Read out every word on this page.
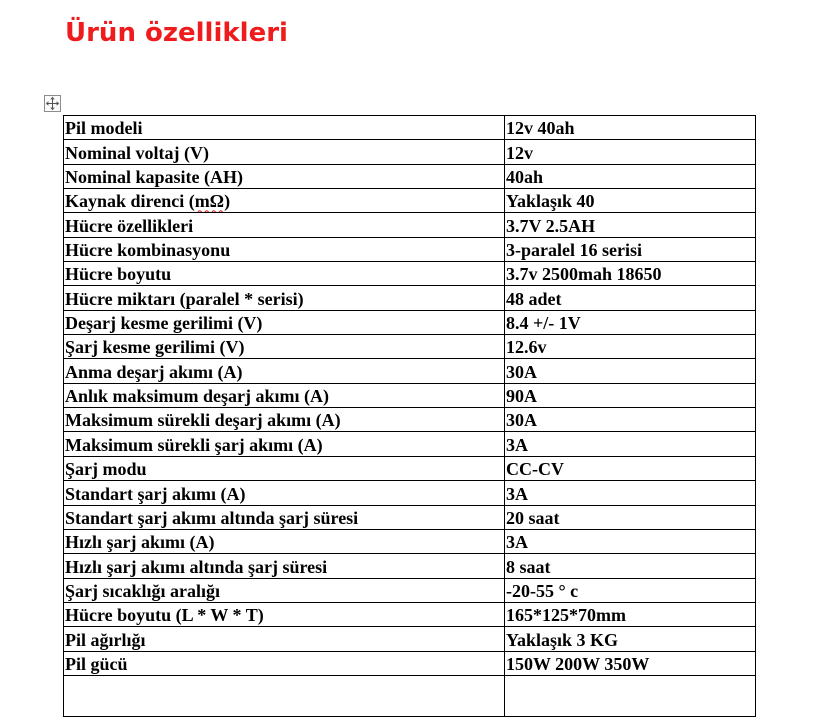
Ürün özellikleri
Pil modeli	12v 40ah
Nominal voltaj (V)	12v
Nominal kapasite (AH)	40ah
Kaynak direnci (mΩ)	Yaklaşık 40
Hücre özellikleri	3.7V 2.5AH
Hücre kombinasyonu	3-paralel 16 serisi
Hücre boyutu	3.7v 2500mah 18650
Hücre miktarı (paralel * serisi)	48 adet
Deşarj kesme gerilimi (V)	8.4 +/- 1V
Şarj kesme gerilimi (V)	12.6v
Anma deşarj akımı (A)	30A
Anlık maksimum deşarj akımı (A)	90A
Maksimum sürekli deşarj akımı (A)	30A
Maksimum sürekli şarj akımı (A)	3A
Şarj modu	CC-CV
Standart şarj akımı (A)	3A
Standart şarj akımı altında şarj süresi	20 saat
Hızlı şarj akımı (A)	3A
Hızlı şarj akımı altında şarj süresi	8 saat
Şarj sıcaklığı aralığı	-20-55 ° c
Hücre boyutu (L * W * T)	165*125*70mm
Pil ağırlığı	Yaklaşık 3 KG
Pil gücü	150W 200W 350W
